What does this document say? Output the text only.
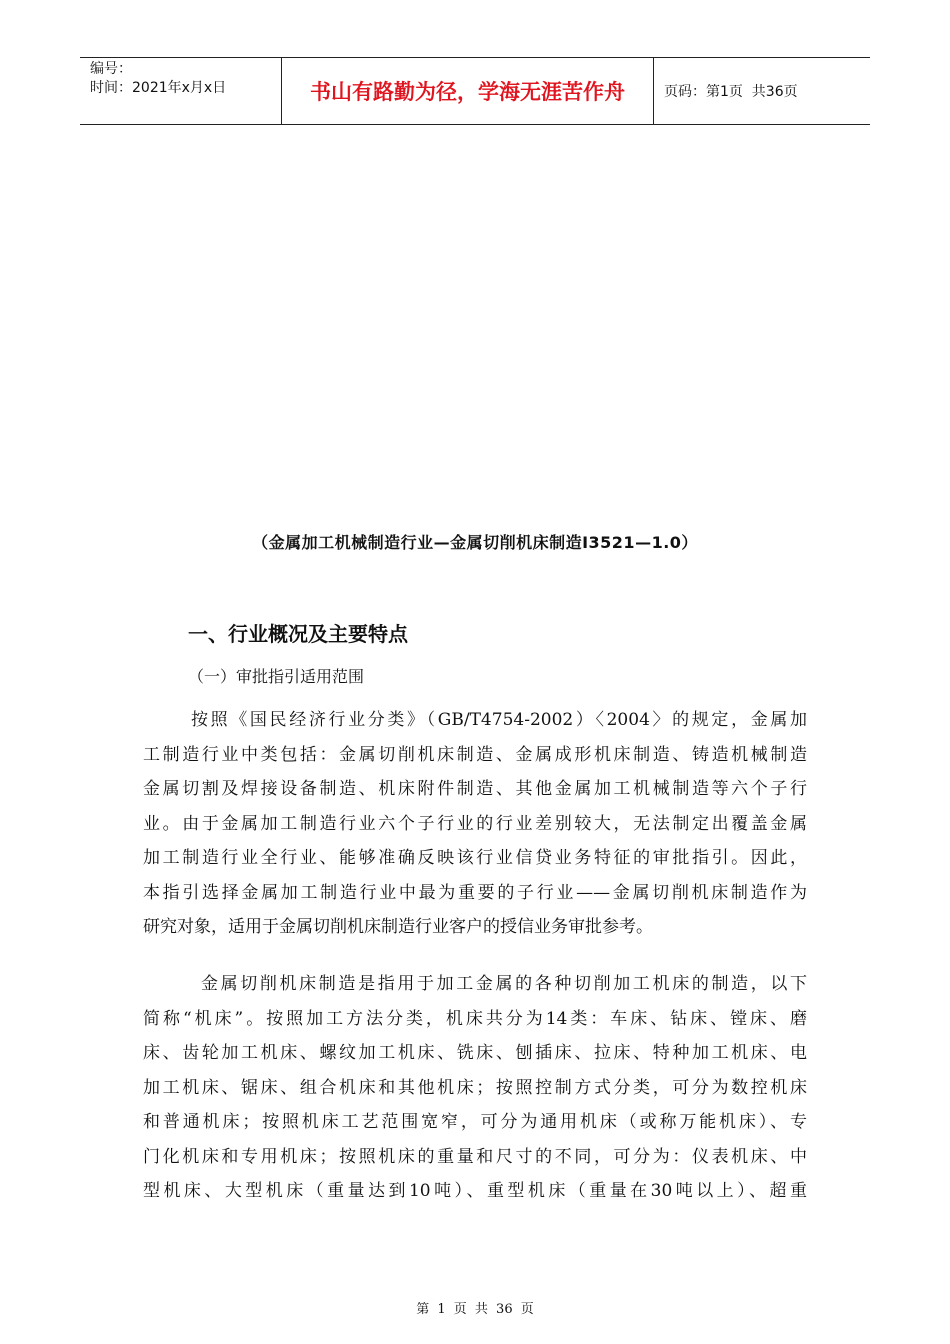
编号：
时间：2021年x月x日	书山有路勤为径，学海无涯苦作舟	页码：第1页  共36页
（金属加工机械制造行业—金属切削机床制造I3521—1.0）
一、行业概况及主要特点
（一）审批指引适用范围
按照《国民经济行业分类》（GB/T4754-2002）〈2004〉的规定，金属加
工制造行业中类包括：金属切削机床制造、金属成形机床制造、铸造机械制造
金属切割及焊接设备制造、机床附件制造、其他金属加工机械制造等六个子行
业。由于金属加工制造行业六个子行业的行业差别较大，无法制定出覆盖金属
加工制造行业全行业、能够准确反映该行业信贷业务特征的审批指引。因此，
本指引选择金属加工制造行业中最为重要的子行业——金属切削机床制造作为
研究对象，适用于金属切削机床制造行业客户的授信业务审批参考。
金属切削机床制造是指用于加工金属的各种切削加工机床的制造，以下
简称“机床”。按照加工方法分类，机床共分为14类：车床、钻床、镗床、磨
床、齿轮加工机床、螺纹加工机床、铣床、刨插床、拉床、特种加工机床、电
加工机床、锯床、组合机床和其他机床；按照控制方式分类，可分为数控机床
和普通机床；按照机床工艺范围宽窄，可分为通用机床（或称万能机床）、专
门化机床和专用机床；按照机床的重量和尺寸的不同，可分为：仪表机床、中
型机床、大型机床（重量达到10吨）、重型机床（重量在30吨以上）、超重
第 1 页 共 36 页
